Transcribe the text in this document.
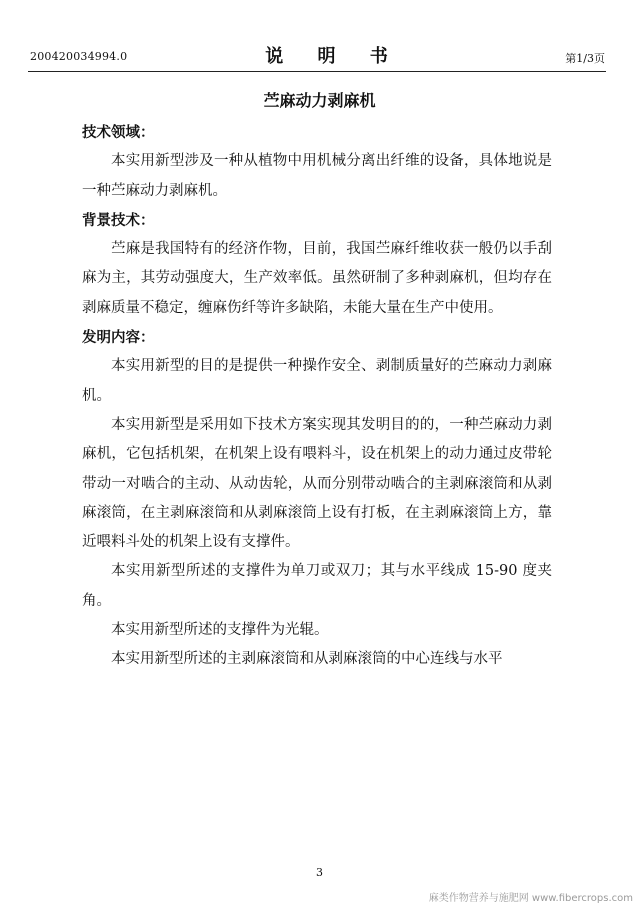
200420034994.0	说 明 书	第1/3页
苎麻动力剥麻机

技术领域：

本实用新型涉及一种从植物中用机械分离出纤维的设备，具体地说是一种苎麻动力剥麻机。

背景技术：

苎麻是我国特有的经济作物，目前，我国苎麻纤维收获一般仍以手刮麻为主，其劳动强度大，生产效率低。虽然研制了多种剥麻机，但均存在剥麻质量不稳定，缠麻伤纤等许多缺陷，未能大量在生产中使用。

发明内容：

本实用新型的目的是提供一种操作安全、剥制质量好的苎麻动力剥麻机。

本实用新型是采用如下技术方案实现其发明目的的，一种苎麻动力剥麻机，它包括机架，在机架上设有喂料斗，设在机架上的动力通过皮带轮带动一对啮合的主动、从动齿轮，从而分别带动啮合的主剥麻滚筒和从剥麻滚筒，在主剥麻滚筒和从剥麻滚筒上设有打板，在主剥麻滚筒上方，靠近喂料斗处的机架上设有支撑件。

本实用新型所述的支撑件为单刀或双刀；其与水平线成 15-90 度夹角。

本实用新型所述的支撑件为光辊。

本实用新型所述的主剥麻滚筒和从剥麻滚筒的中心连线与水平

3
麻类作物营养与施肥网 www.fibercrops.com
